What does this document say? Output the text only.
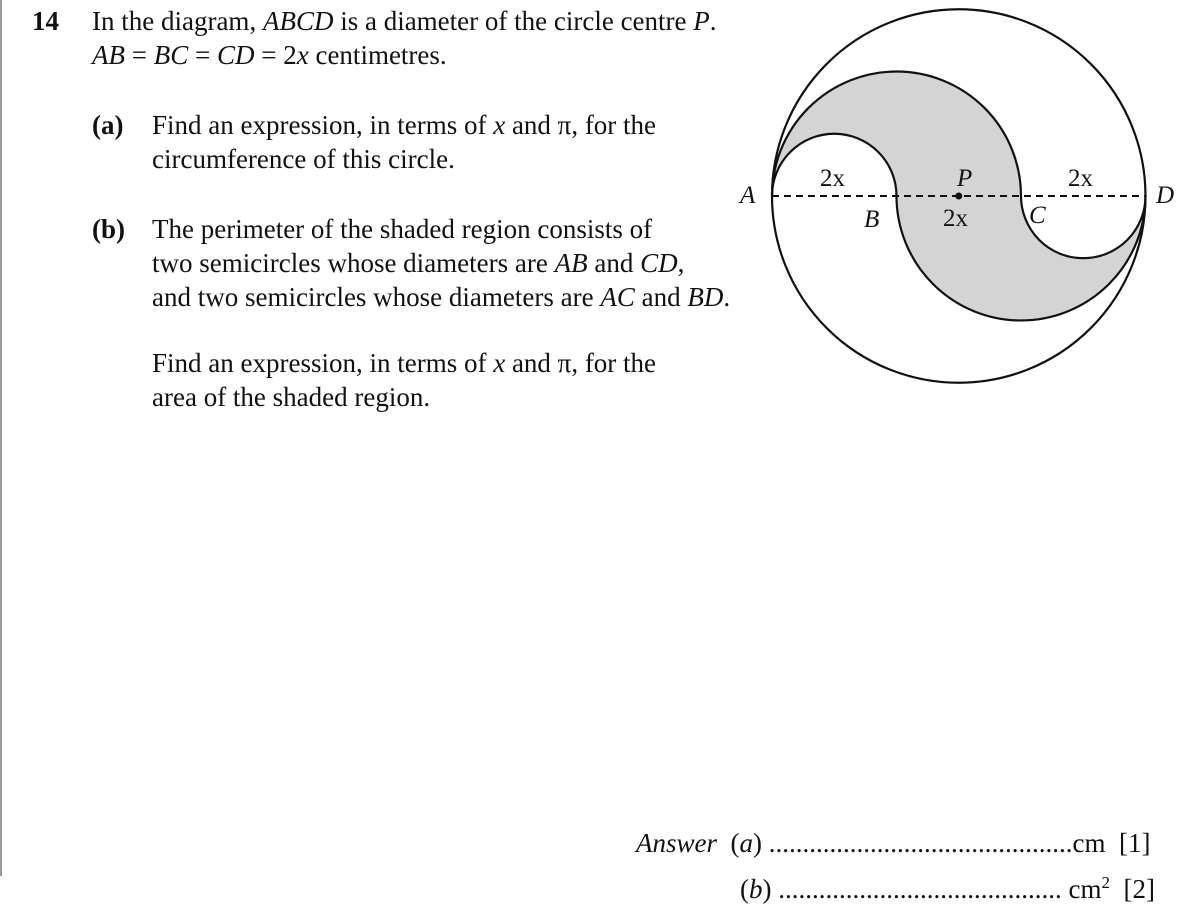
14 In the diagram, ABCD is a diameter of the circle centre P.
AB = BC = CD = 2x centimetres.
(a) Find an expression, in terms of x and π, for the
circumference of this circle.
(b) The perimeter of the shaded region consists of
two semicircles whose diameters are AB and CD,
and two semicircles whose diameters are AC and BD.
Find an expression, in terms of x and π, for the
area of the shaded region.
A	D
P
B	C
2x
2x
2x
Answer (a) .............................................cm [1]
(b) .......................................... $cm^2$ [2]
